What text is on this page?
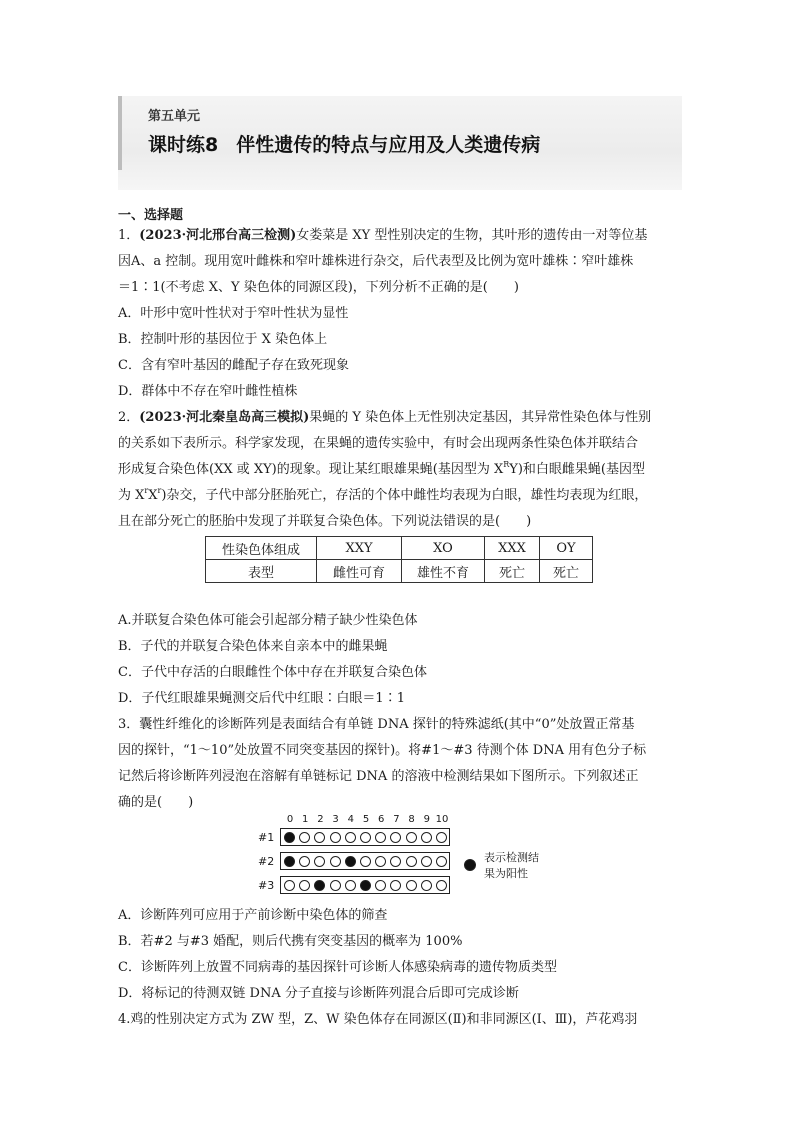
第五单元
课时练8 伴性遗传的特点与应用及人类遗传病
一、选择题
1．(2023·河北邢台高三检测)女娄菜是 XY 型性别决定的生物，其叶形的遗传由一对等位基
因A、a 控制。现用宽叶雌株和窄叶雄株进行杂交，后代表型及比例为宽叶雄株∶窄叶雄株
＝1∶1(不考虑 X、Y 染色体的同源区段)，下列分析不正确的是(　　)
A．叶形中宽叶性状对于窄叶性状为显性
B．控制叶形的基因位于 X 染色体上
C．含有窄叶基因的雌配子存在致死现象
D．群体中不存在窄叶雌性植株
2．(2023·河北秦皇岛高三模拟)果蝇的 Y 染色体上无性别决定基因，其异常性染色体与性别
的关系如下表所示。科学家发现，在果蝇的遗传实验中，有时会出现两条性染色体并联结合
形成复合染色体(XX 或 XY)的现象。现让某红眼雄果蝇(基因型为 $X^RY$)和白眼雌果蝇(基因型
为 $X^rX^r$)杂交，子代中部分胚胎死亡，存活的个体中雌性均表现为白眼，雄性均表现为红眼，
且在部分死亡的胚胎中发现了并联复合染色体。下列说法错误的是(　　)
性染色体组成	XXY	XO	XXX	OY
表型	雌性可育	雄性不育	死亡	死亡
A.并联复合染色体可能会引起部分精子缺少性染色体
B．子代的并联复合染色体来自亲本中的雌果蝇
C．子代中存活的白眼雌性个体中存在并联复合染色体
D．子代红眼雄果蝇测交后代中红眼∶白眼＝1∶1
3．囊性纤维化的诊断阵列是表面结合有单链 DNA 探针的特殊滤纸(其中“0”处放置正常基
因的探针，“1～10”处放置不同突变基因的探针)。将#1～#3 待测个体 DNA 用有色分子标
记然后将诊断阵列浸泡在溶解有单链标记 DNA 的溶液中检测结果如下图所示。下列叙述正
确的是(　　)
0 1 2 3 4 5 6 7 8 9 10
表示检测结
果为阳性
#1
#2
#3
A．诊断阵列可应用于产前诊断中染色体的筛查
B．若#2 与#3 婚配，则后代携有突变基因的概率为 100%
C．诊断阵列上放置不同病毒的基因探针可诊断人体感染病毒的遗传物质类型
D．将标记的待测双链 DNA 分子直接与诊断阵列混合后即可完成诊断
4.鸡的性别决定方式为 ZW 型，Z、W 染色体存在同源区(Ⅱ)和非同源区(Ⅰ、Ⅲ)，芦花鸡羽
